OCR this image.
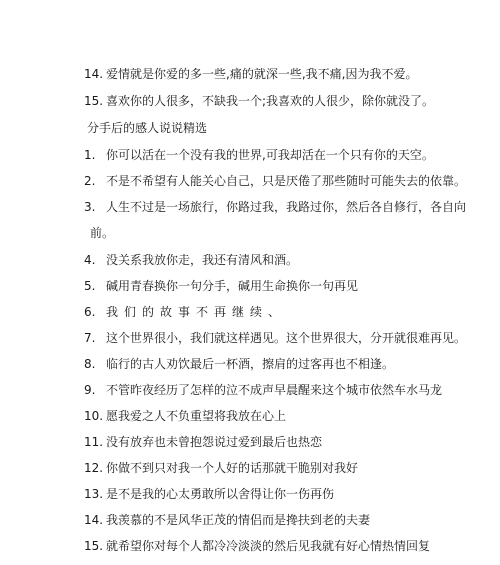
14. 爱情就是你爱的多一些,痛的就深一些,我不痛,因为我不爱。
15. 喜欢你的人很多，不缺我一个;我喜欢的人很少，除你就没了。
分手后的感人说说精选
1. 你可以活在一个没有我的世界,可我却活在一个只有你的天空。
2. 不是不希望有人能关心自己，只是厌倦了那些随时可能失去的依靠。
3. 人生不过是一场旅行，你路过我，我路过你，然后各自修行，各自向
前。
4. 没关系我放你走，我还有清风和酒。
5. 碱用青春换你一句分手，碱用生命换你一句再见
6. 我们的故事不再继续、
7. 这个世界很小，我们就这样遇见。这个世界很大，分开就很难再见。
8. 临行的古人劝饮最后一杯酒，擦肩的过客再也不相逢。
9. 不管昨夜经历了怎样的泣不成声早晨醒来这个城市依然车水马龙
10. 愿我爱之人不负重望将我放在心上
11. 没有放弃也未曾抱怨说过爱到最后也热恋
12. 你做不到只对我一个人好的话那就干脆别对我好
13. 是不是我的心太勇敢所以舍得让你一伤再伤
14. 我羡慕的不是风华正茂的情侣而是搀扶到老的夫妻
15. 就希望你对每个人都冷冷淡淡的然后见我就有好心情热情回复
